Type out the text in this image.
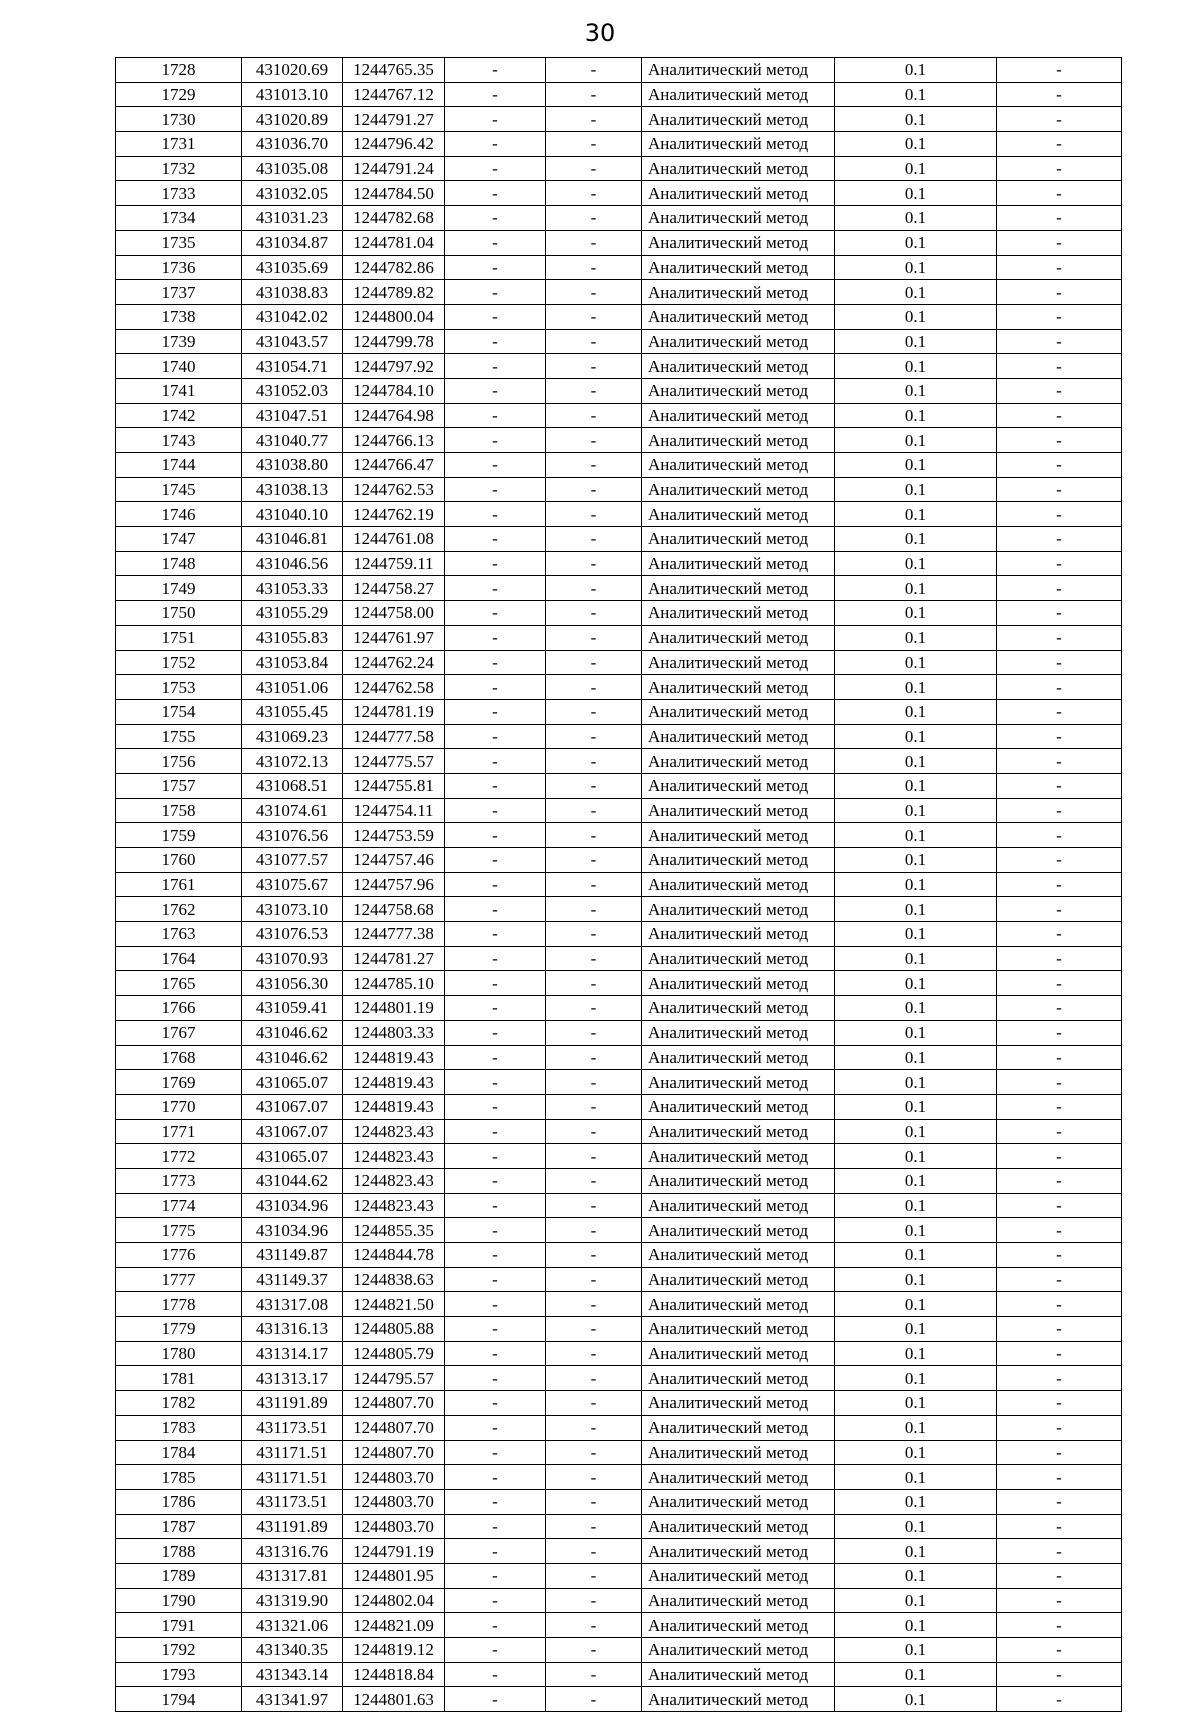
30
1728	431020.69	1244765.35	-	-	Аналитический метод	0.1	-
1729	431013.10	1244767.12	-	-	Аналитический метод	0.1	-
1730	431020.89	1244791.27	-	-	Аналитический метод	0.1	-
1731	431036.70	1244796.42	-	-	Аналитический метод	0.1	-
1732	431035.08	1244791.24	-	-	Аналитический метод	0.1	-
1733	431032.05	1244784.50	-	-	Аналитический метод	0.1	-
1734	431031.23	1244782.68	-	-	Аналитический метод	0.1	-
1735	431034.87	1244781.04	-	-	Аналитический метод	0.1	-
1736	431035.69	1244782.86	-	-	Аналитический метод	0.1	-
1737	431038.83	1244789.82	-	-	Аналитический метод	0.1	-
1738	431042.02	1244800.04	-	-	Аналитический метод	0.1	-
1739	431043.57	1244799.78	-	-	Аналитический метод	0.1	-
1740	431054.71	1244797.92	-	-	Аналитический метод	0.1	-
1741	431052.03	1244784.10	-	-	Аналитический метод	0.1	-
1742	431047.51	1244764.98	-	-	Аналитический метод	0.1	-
1743	431040.77	1244766.13	-	-	Аналитический метод	0.1	-
1744	431038.80	1244766.47	-	-	Аналитический метод	0.1	-
1745	431038.13	1244762.53	-	-	Аналитический метод	0.1	-
1746	431040.10	1244762.19	-	-	Аналитический метод	0.1	-
1747	431046.81	1244761.08	-	-	Аналитический метод	0.1	-
1748	431046.56	1244759.11	-	-	Аналитический метод	0.1	-
1749	431053.33	1244758.27	-	-	Аналитический метод	0.1	-
1750	431055.29	1244758.00	-	-	Аналитический метод	0.1	-
1751	431055.83	1244761.97	-	-	Аналитический метод	0.1	-
1752	431053.84	1244762.24	-	-	Аналитический метод	0.1	-
1753	431051.06	1244762.58	-	-	Аналитический метод	0.1	-
1754	431055.45	1244781.19	-	-	Аналитический метод	0.1	-
1755	431069.23	1244777.58	-	-	Аналитический метод	0.1	-
1756	431072.13	1244775.57	-	-	Аналитический метод	0.1	-
1757	431068.51	1244755.81	-	-	Аналитический метод	0.1	-
1758	431074.61	1244754.11	-	-	Аналитический метод	0.1	-
1759	431076.56	1244753.59	-	-	Аналитический метод	0.1	-
1760	431077.57	1244757.46	-	-	Аналитический метод	0.1	-
1761	431075.67	1244757.96	-	-	Аналитический метод	0.1	-
1762	431073.10	1244758.68	-	-	Аналитический метод	0.1	-
1763	431076.53	1244777.38	-	-	Аналитический метод	0.1	-
1764	431070.93	1244781.27	-	-	Аналитический метод	0.1	-
1765	431056.30	1244785.10	-	-	Аналитический метод	0.1	-
1766	431059.41	1244801.19	-	-	Аналитический метод	0.1	-
1767	431046.62	1244803.33	-	-	Аналитический метод	0.1	-
1768	431046.62	1244819.43	-	-	Аналитический метод	0.1	-
1769	431065.07	1244819.43	-	-	Аналитический метод	0.1	-
1770	431067.07	1244819.43	-	-	Аналитический метод	0.1	-
1771	431067.07	1244823.43	-	-	Аналитический метод	0.1	-
1772	431065.07	1244823.43	-	-	Аналитический метод	0.1	-
1773	431044.62	1244823.43	-	-	Аналитический метод	0.1	-
1774	431034.96	1244823.43	-	-	Аналитический метод	0.1	-
1775	431034.96	1244855.35	-	-	Аналитический метод	0.1	-
1776	431149.87	1244844.78	-	-	Аналитический метод	0.1	-
1777	431149.37	1244838.63	-	-	Аналитический метод	0.1	-
1778	431317.08	1244821.50	-	-	Аналитический метод	0.1	-
1779	431316.13	1244805.88	-	-	Аналитический метод	0.1	-
1780	431314.17	1244805.79	-	-	Аналитический метод	0.1	-
1781	431313.17	1244795.57	-	-	Аналитический метод	0.1	-
1782	431191.89	1244807.70	-	-	Аналитический метод	0.1	-
1783	431173.51	1244807.70	-	-	Аналитический метод	0.1	-
1784	431171.51	1244807.70	-	-	Аналитический метод	0.1	-
1785	431171.51	1244803.70	-	-	Аналитический метод	0.1	-
1786	431173.51	1244803.70	-	-	Аналитический метод	0.1	-
1787	431191.89	1244803.70	-	-	Аналитический метод	0.1	-
1788	431316.76	1244791.19	-	-	Аналитический метод	0.1	-
1789	431317.81	1244801.95	-	-	Аналитический метод	0.1	-
1790	431319.90	1244802.04	-	-	Аналитический метод	0.1	-
1791	431321.06	1244821.09	-	-	Аналитический метод	0.1	-
1792	431340.35	1244819.12	-	-	Аналитический метод	0.1	-
1793	431343.14	1244818.84	-	-	Аналитический метод	0.1	-
1794	431341.97	1244801.63	-	-	Аналитический метод	0.1	-
